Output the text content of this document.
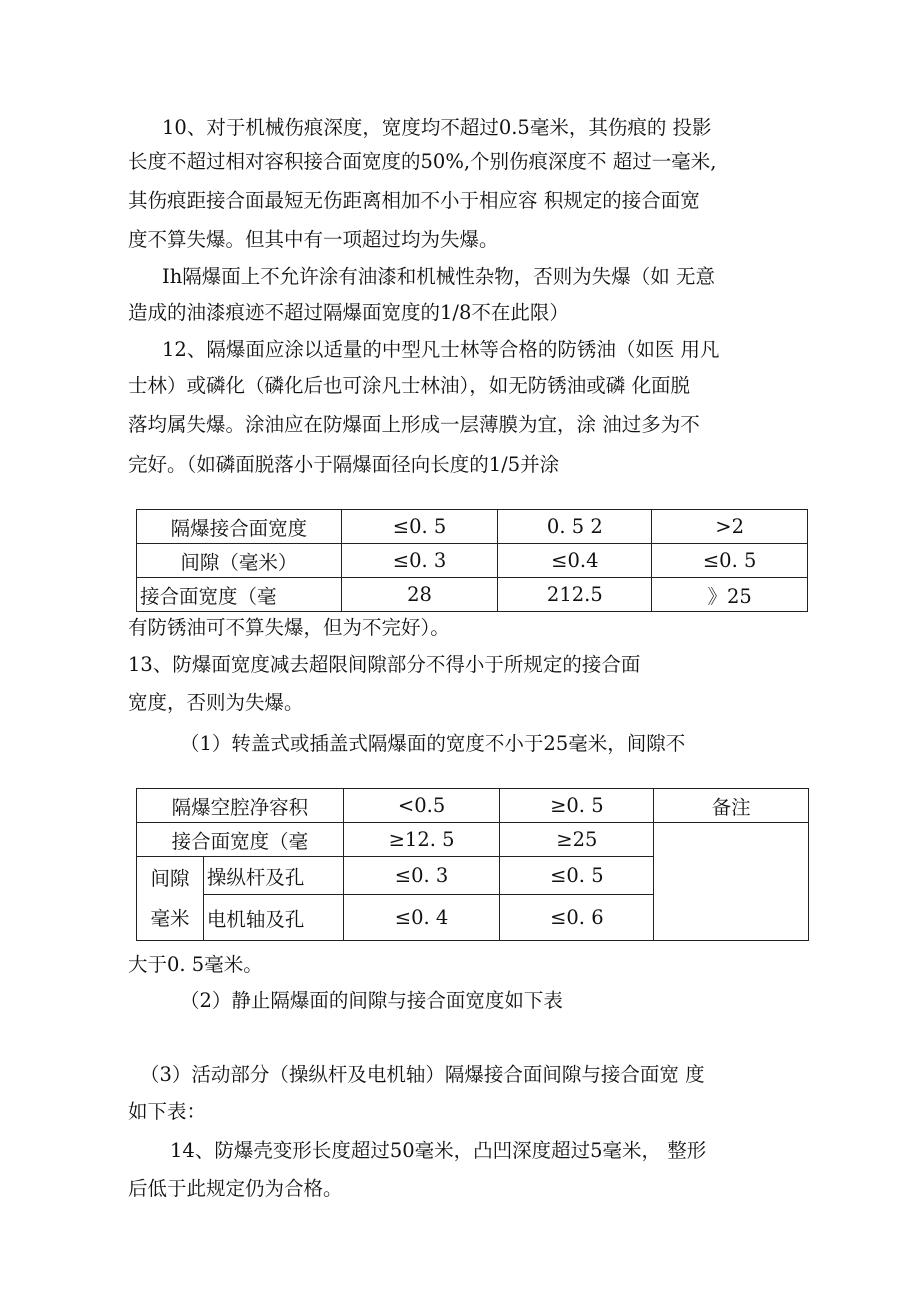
10、对于机械伤痕深度，宽度均不超过0.5毫米，其伤痕的 投影
长度不超过相对容积接合面宽度的50%,个别伤痕深度不 超过一毫米,
其伤痕距接合面最短无伤距离相加不小于相应容 积规定的接合面宽
度不算失爆。但其中有一项超过均为失爆。
Ih隔爆面上不允许涂有油漆和机械性杂物，否则为失爆（如 无意
造成的油漆痕迹不超过隔爆面宽度的1/8不在此限）
12、隔爆面应涂以适量的中型凡士林等合格的防锈油（如医 用凡
士林）或磷化（磷化后也可涂凡士林油），如无防锈油或磷 化面脱
落均属失爆。涂油应在防爆面上形成一层薄膜为宜，涂 油过多为不
完好。（如磷面脱落小于隔爆面径向长度的1/5并涂
隔爆接合面宽度	≤0. 5	0. 5 2	>2
间隙（毫米）	≤0. 3	≤0.4	≤0. 5
接合面宽度（毫	28	212.5	》25
有防锈油可不算失爆，但为不完好）。
13、防爆面宽度减去超限间隙部分不得小于所规定的接合面
宽度，否则为失爆。
（1）转盖式或插盖式隔爆面的宽度不小于25毫米，间隙不
隔爆空腔净容积		<0.5	≥0. 5	备注
接合面宽度（毫		≥12. 5	≥25	

间隙
毫米	操纵杆及孔	≤0. 3	≤0. 5	
	电机轴及孔	≤0. 4	≤0. 6	
大于0. 5毫米。
（2）静止隔爆面的间隙与接合面宽度如下表
（3）活动部分（操纵杆及电机轴）隔爆接合面间隙与接合面宽 度
如下表：
14、防爆壳变形长度超过50毫米，凸凹深度超过5毫米， 整形
后低于此规定仍为合格。
